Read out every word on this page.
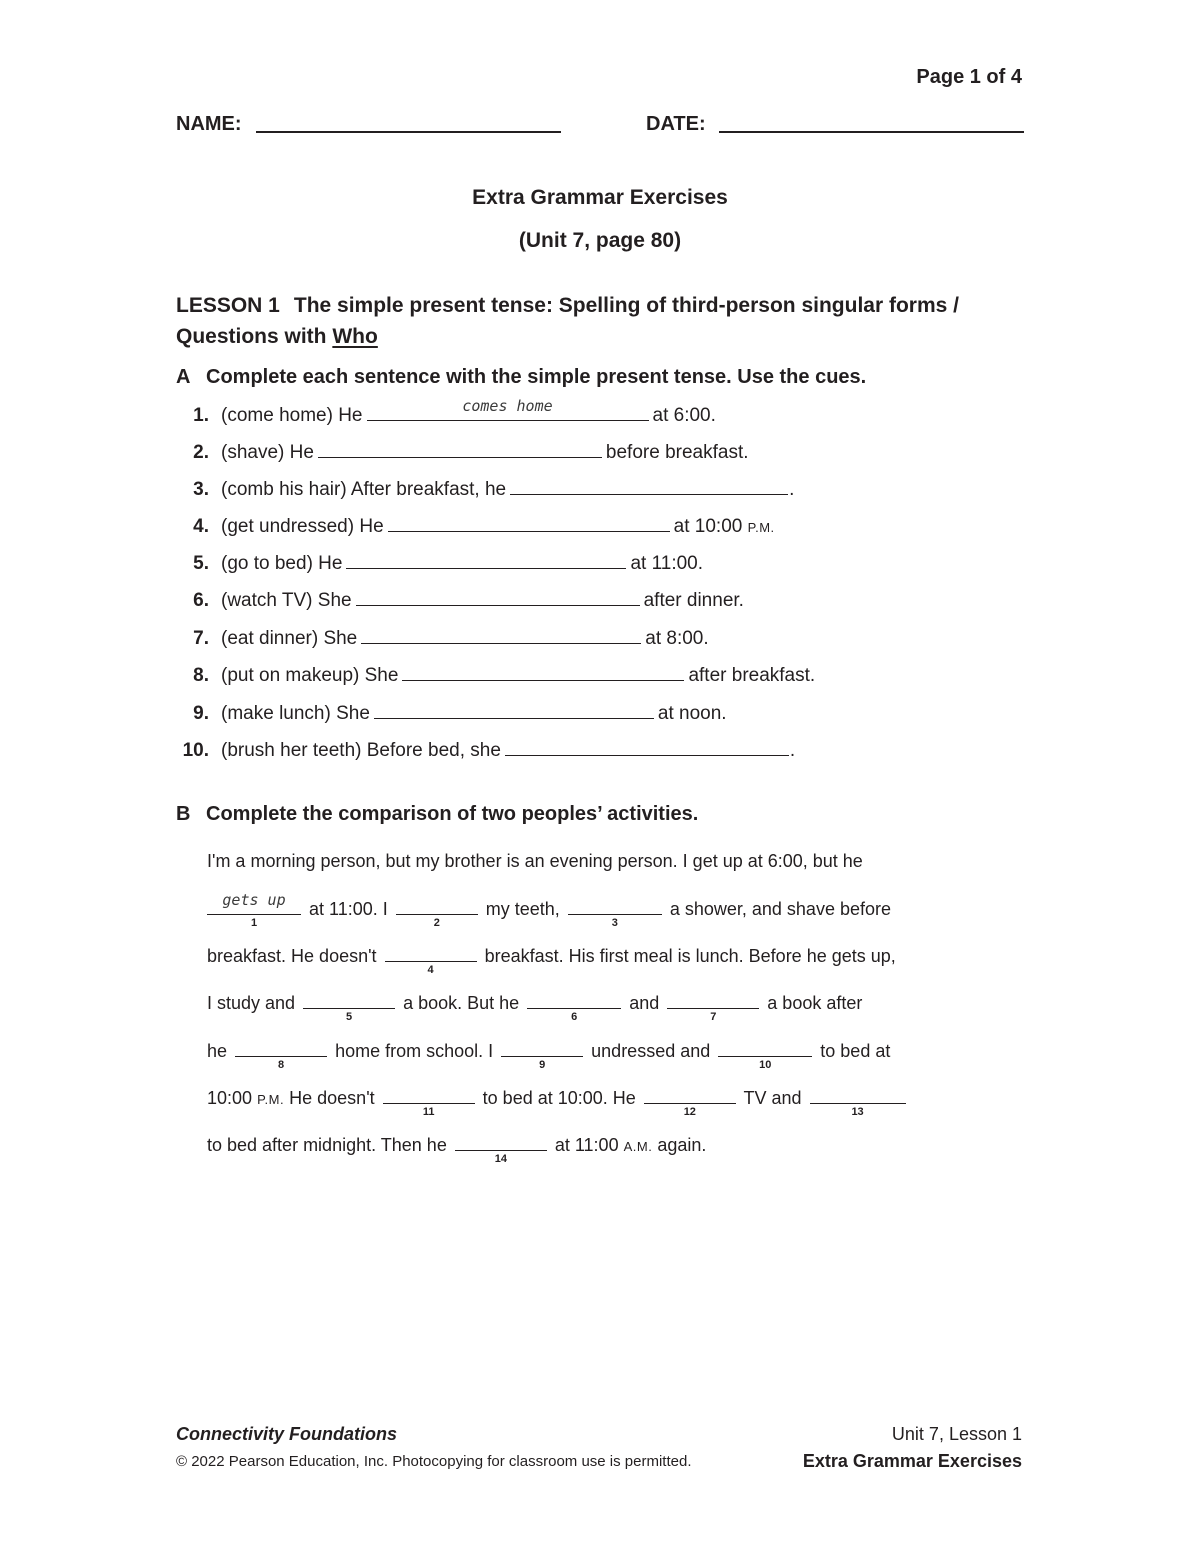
Page 1 of 4
NAME:	DATE:
Extra Grammar Exercises
(Unit 7, page 80)
LESSON 1 The simple present tense: Spelling of third-person singular forms / Questions with Who
A Complete each sentence with the simple present tense. Use the cues.
1. (come home) He	comes home	at 6:00.
2. (shave) He	before breakfast.
3. (comb his hair) After breakfast, he	.
4. (get undressed) He	at 10:00 P.M.
5. (go to bed) He	at 11:00.
6. (watch TV) She	after dinner.
7. (eat dinner) She	at 8:00.
8. (put on makeup) She	after breakfast.
9. (make lunch) She	at noon.
10. (brush her teeth) Before bed, she	.
B Complete the comparison of two peoples’ activities.
I'm a morning person, but my brother is an evening person. I get up at 6:00, but he
gets up
1
at 11:00. I
2
my teeth,
3
a shower, and shave before
breakfast. He doesn't
4
breakfast. His first meal is lunch. Before he gets up,
I study and
5
a book. But he
6
and
7
a book after
he
8
home from school. I
9
undressed and
10
to bed at
10:00 P.M. He doesn't
11
to bed at 10:00. He
12
TV and
13
to bed after midnight. Then he
14
at 11:00 A.M. again.
Connectivity Foundations
© 2022 Pearson Education, Inc. Photocopying for classroom use is permitted.
Unit 7, Lesson 1
Extra Grammar Exercises
